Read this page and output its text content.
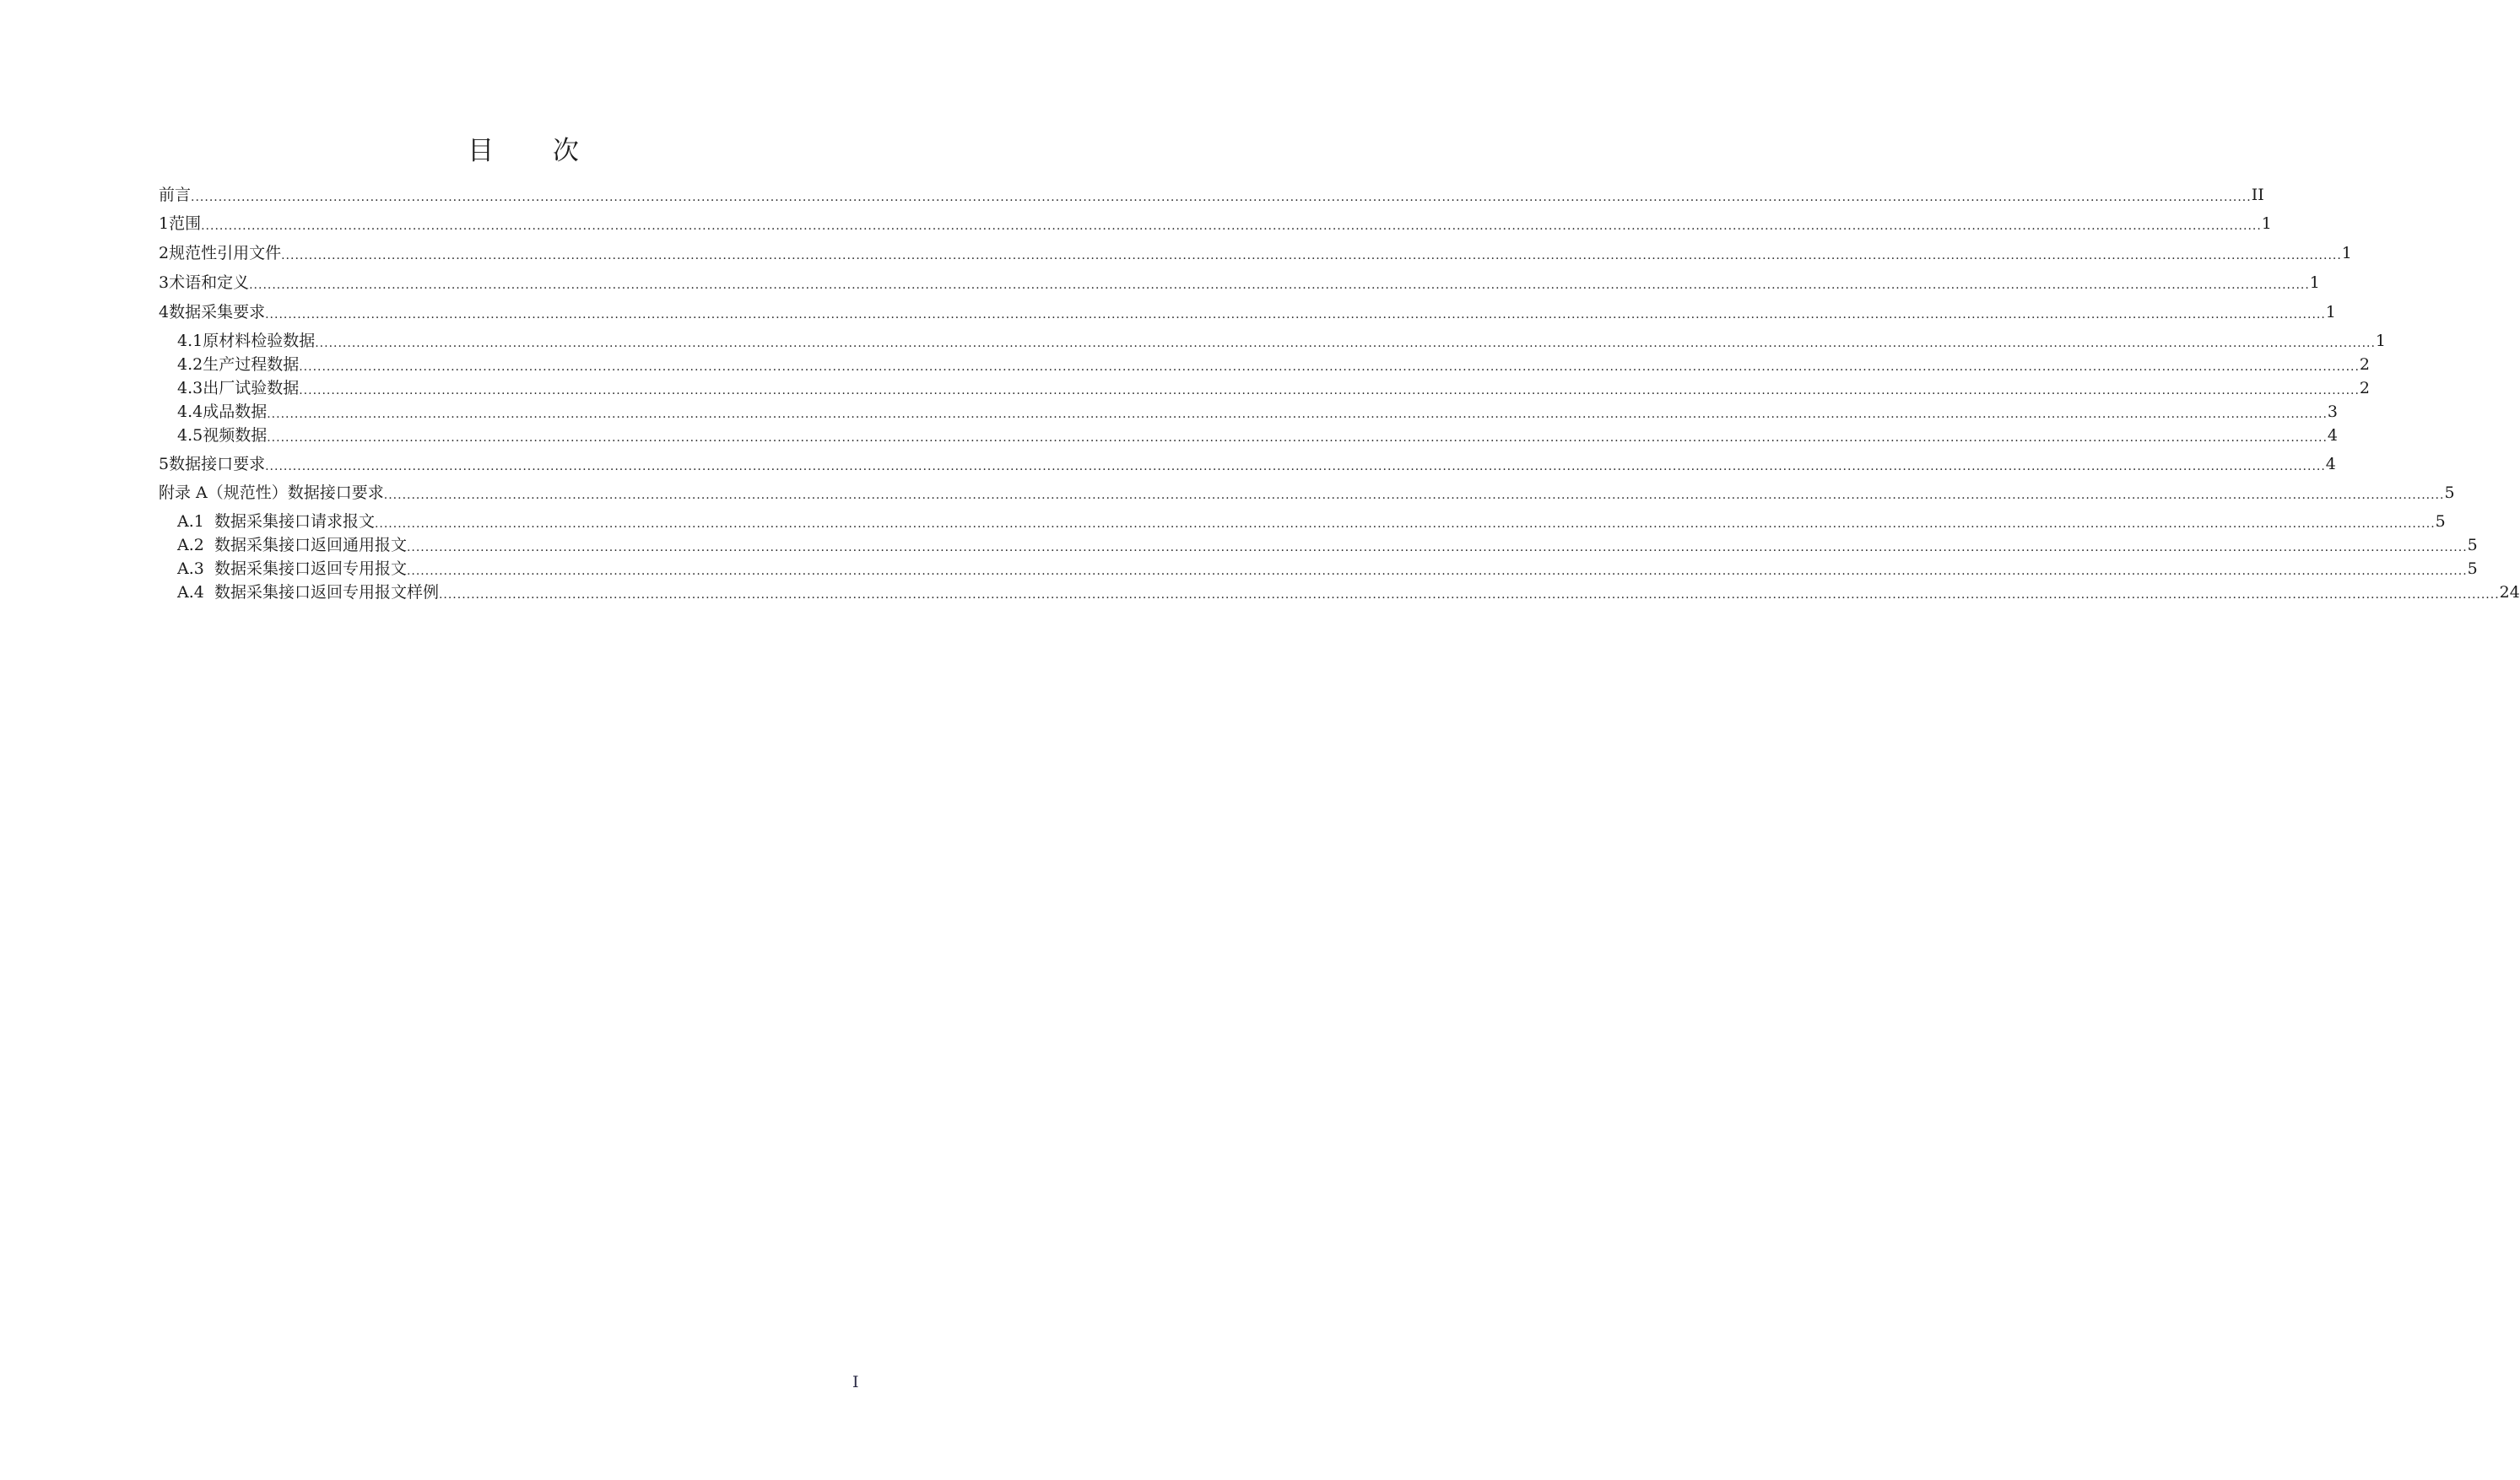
目 次
前言 ................................................................................................................................................................................................................................................................................................................................................................................................................................................................ II
1 范围 ................................................................................................................................................................................................................................................................................................................................................................................................................................................................ 1
2 规范性引用文件 ................................................................................................................................................................................................................................................................................................................................................................................................................................................................ 1
3 术语和定义 ................................................................................................................................................................................................................................................................................................................................................................................................................................................................ 1
4 数据采集要求 ................................................................................................................................................................................................................................................................................................................................................................................................................................................................ 1
4.1 原材料检验数据 ................................................................................................................................................................................................................................................................................................................................................................................................................................................................ 1
4.2 生产过程数据 ................................................................................................................................................................................................................................................................................................................................................................................................................................................................ 2
4.3 出厂试验数据 ................................................................................................................................................................................................................................................................................................................................................................................................................................................................ 2
4.4 成品数据 ................................................................................................................................................................................................................................................................................................................................................................................................................................................................ 3
4.5 视频数据 ................................................................................................................................................................................................................................................................................................................................................................................................................................................................ 4
5 数据接口要求 ................................................................................................................................................................................................................................................................................................................................................................................................................................................................ 4
附录 A（规范性）数据接口要求 ................................................................................................................................................................................................................................................................................................................................................................................................................................................................ 5
A.1 数据采集接口请求报文 ................................................................................................................................................................................................................................................................................................................................................................................................................................................................ 5
A.2 数据采集接口返回通用报文 ................................................................................................................................................................................................................................................................................................................................................................................................................................................................ 5
A.3 数据采集接口返回专用报文 ................................................................................................................................................................................................................................................................................................................................................................................................................................................................ 5
A.4 数据采集接口返回专用报文样例 ................................................................................................................................................................................................................................................................................................................................................................................................................................................................ 24
I
